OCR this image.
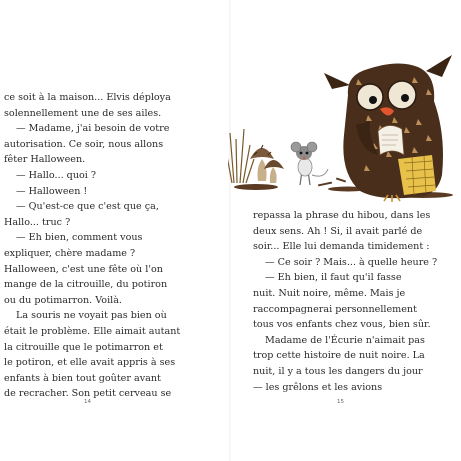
ce soit à la maison... Elvis déploya

solennellement une de ses ailes.

— Madame, j'ai besoin de votre

autorisation. Ce soir, nous allons

fêter Halloween.

— Hallo... quoi ?

— Halloween !

— Qu'est-ce que c'est que ça,

Hallo... truc ?

— Eh bien, comment vous

expliquer, chère madame ?

Halloween, c'est une fête où l'on

mange de la citrouille, du potiron

ou du potimarron. Voilà.

La souris ne voyait pas bien où

était le problème. Elle aimait autant

la citrouille que le potimarron et

le potiron, et elle avait appris à ses

enfants à bien tout goûter avant

de recracher. Son petit cerveau se

14

repassa la phrase du hibou, dans les

deux sens. Ah ! Si, il avait parlé de

soir... Elle lui demanda timidement :

— Ce soir ? Mais... à quelle heure ?

— Eh bien, il faut qu'il fasse

nuit. Nuit noire, même. Mais je

raccompagnerai personnellement

tous vos enfants chez vous, bien sûr.

Madame de l'Écurie n'aimait pas

trop cette histoire de nuit noire. La

nuit, il y a tous les dangers du jour

— les grêlons et les avions

15
